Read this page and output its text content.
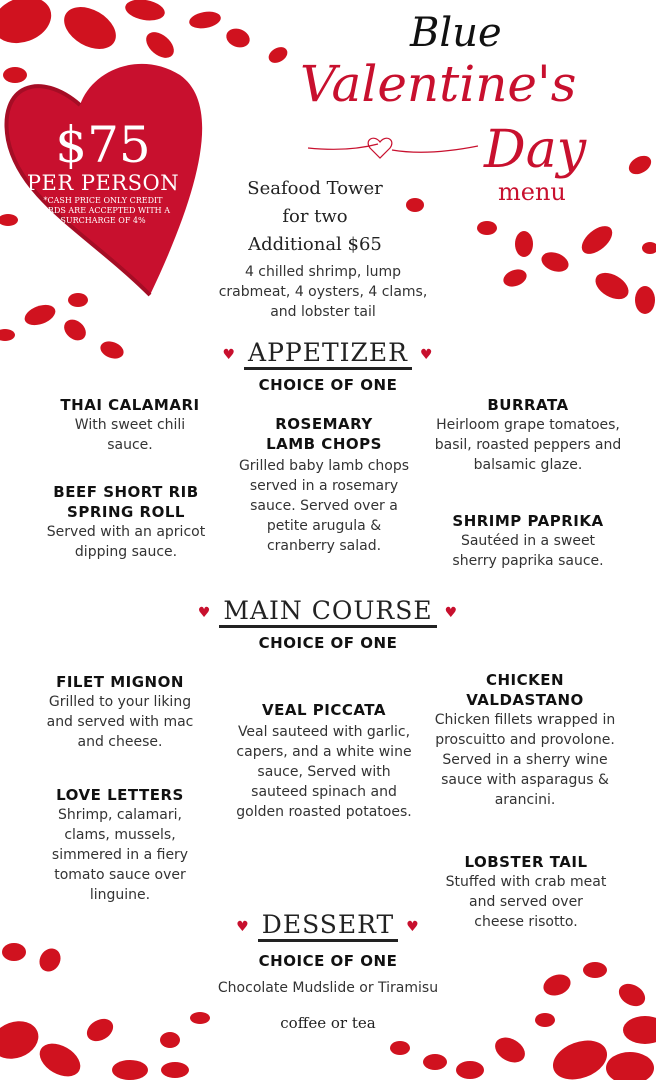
$75
PER PERSON
*CASH PRICE ONLY CREDIT CARDS ARE ACCEPTED WITH A SURCHARGE OF 4%
Blue
Valentine's
Day
menu
Seafood Tower
for two
Additional $65
4 chilled shrimp, lump crabmeat, 4 oysters, 4 clams, and lobster tail
♥ APPETIZER ♥
CHOICE OF ONE
THAI CALAMARI
With sweet chili sauce.
BEEF SHORT RIB SPRING ROLL
Served with an apricot dipping sauce.
ROSEMARY LAMB CHOPS
Grilled baby lamb chops served in a rosemary sauce. Served over a petite arugula & cranberry salad.
BURRATA
Heirloom grape tomatoes, basil, roasted peppers and balsamic glaze.
SHRIMP PAPRIKA
Sautéed in a sweet sherry paprika sauce.
♥ MAIN COURSE ♥
CHOICE OF ONE
FILET MIGNON
Grilled to your liking and served with mac and cheese.
LOVE LETTERS
Shrimp, calamari, clams, mussels, simmered in a fiery tomato sauce over linguine.
VEAL PICCATA
Veal sauteed with garlic, capers, and a white wine sauce, Served with sauteed spinach and golden roasted potatoes.
CHICKEN VALDASTANO
Chicken fillets wrapped in proscuitto and provolone. Served in a sherry wine sauce with asparagus & arancini.
LOBSTER TAIL
Stuffed with crab meat and served over cheese risotto.
♥ DESSERT ♥
CHOICE OF ONE
Chocolate Mudslide or Tiramisu
coffee or tea
